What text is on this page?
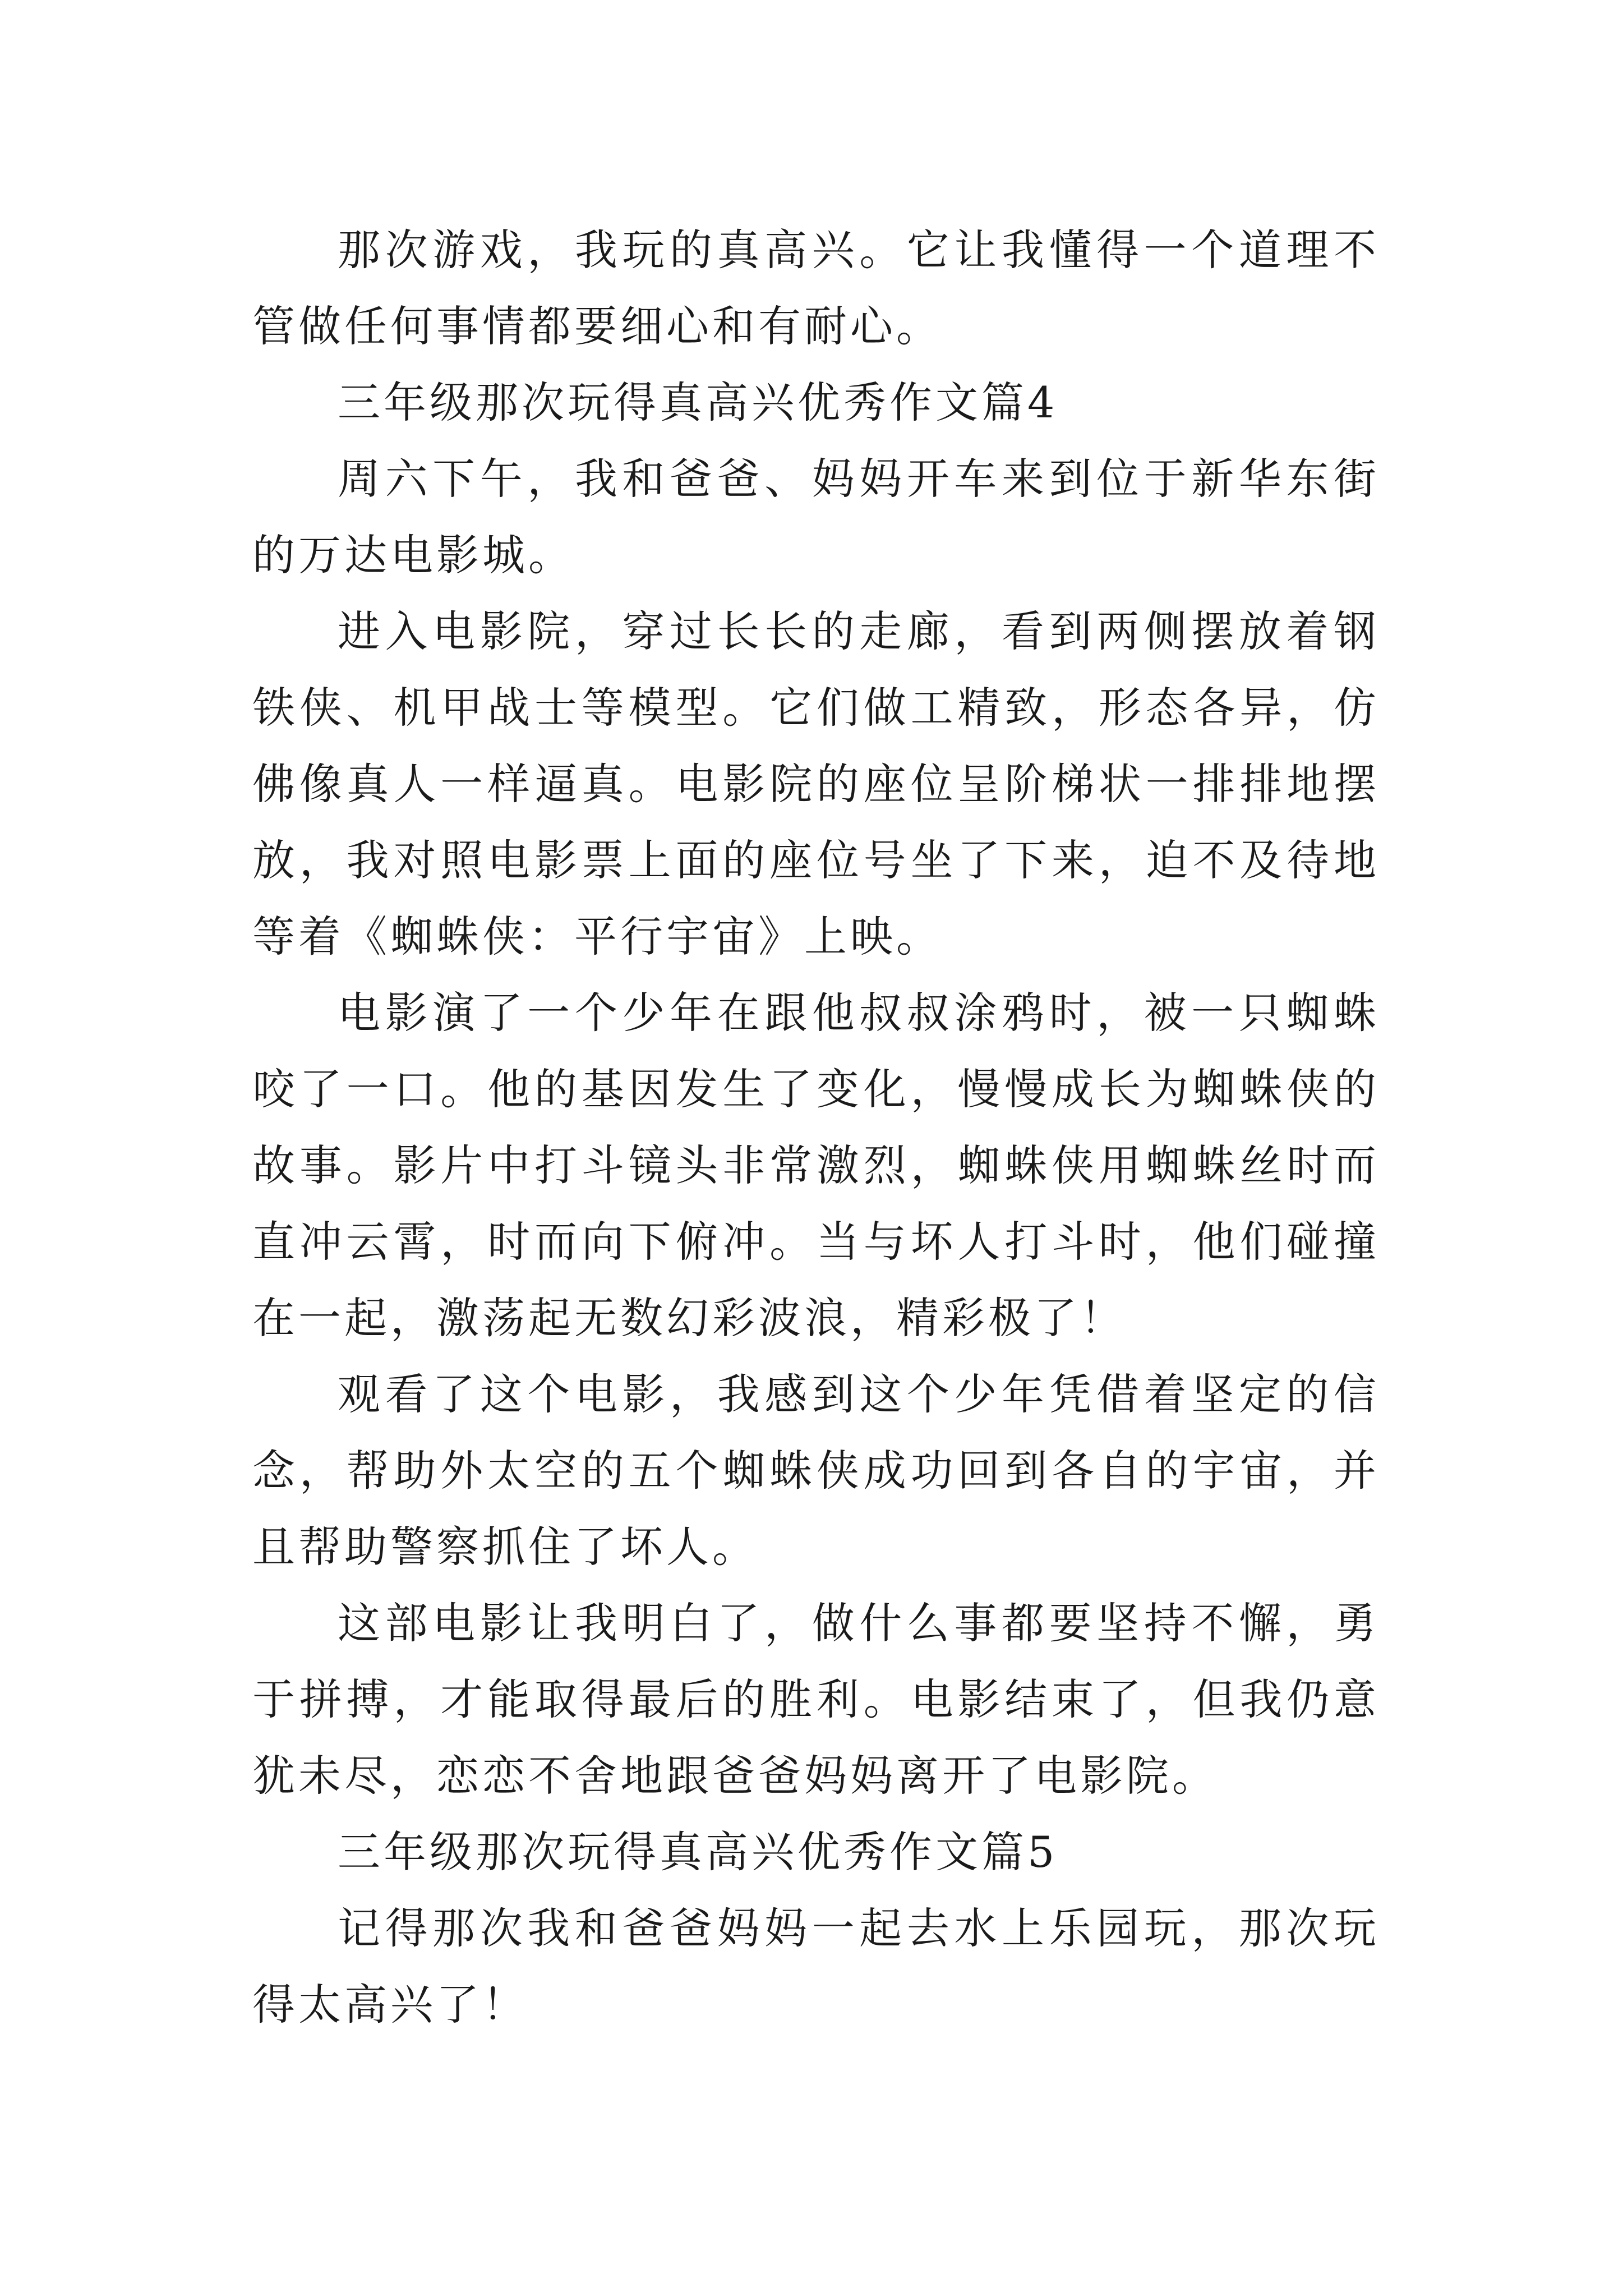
那次游戏，我玩的真高兴。它让我懂得一个道理不管做任何事情都要细心和有耐心。

三年级那次玩得真高兴优秀作文篇4

周六下午，我和爸爸、妈妈开车来到位于新华东街的万达电影城。

进入电影院，穿过长长的走廊，看到两侧摆放着钢铁侠、机甲战士等模型。它们做工精致，形态各异，仿佛像真人一样逼真。电影院的座位呈阶梯状一排排地摆放，我对照电影票上面的座位号坐了下来，迫不及待地等着《蜘蛛侠：平行宇宙》上映。

电影演了一个少年在跟他叔叔涂鸦时，被一只蜘蛛咬了一口。他的基因发生了变化，慢慢成长为蜘蛛侠的故事。影片中打斗镜头非常激烈，蜘蛛侠用蜘蛛丝时而直冲云霄，时而向下俯冲。当与坏人打斗时，他们碰撞在一起，激荡起无数幻彩波浪，精彩极了！

观看了这个电影，我感到这个少年凭借着坚定的信念，帮助外太空的五个蜘蛛侠成功回到各自的宇宙，并且帮助警察抓住了坏人。

这部电影让我明白了，做什么事都要坚持不懈，勇于拼搏，才能取得最后的胜利。电影结束了，但我仍意犹未尽，恋恋不舍地跟爸爸妈妈离开了电影院。

三年级那次玩得真高兴优秀作文篇5

记得那次我和爸爸妈妈一起去水上乐园玩，那次玩得太高兴了！
